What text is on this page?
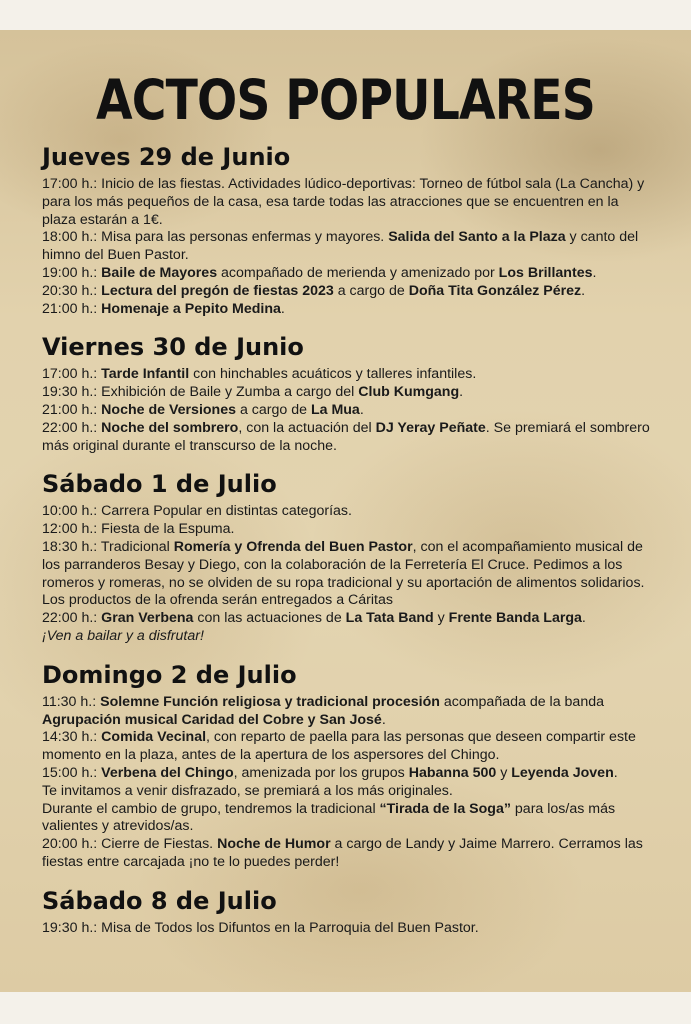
ACTOS POPULARES
Jueves 29 de Junio

17:00 h.: Inicio de las fiestas. Actividades lúdico-deportivas: Torneo de fútbol sala (La Cancha) y para los más pequeños de la casa, esa tarde todas las atracciones que se encuentren en la plaza estarán a 1€.

18:00 h.: Misa para las personas enfermas y mayores. Salida del Santo a la Plaza y canto del himno del Buen Pastor.

19:00 h.: Baile de Mayores acompañado de merienda y amenizado por Los Brillantes.

20:30 h.: Lectura del pregón de fiestas 2023 a cargo de Doña Tita González Pérez.

21:00 h.: Homenaje a Pepito Medina.

Viernes 30 de Junio

17:00 h.: Tarde Infantil con hinchables acuáticos y talleres infantiles.

19:30 h.: Exhibición de Baile y Zumba a cargo del Club Kumgang.

21:00 h.: Noche de Versiones a cargo de La Mua.

22:00 h.: Noche del sombrero, con la actuación del DJ Yeray Peñate. Se premiará el sombrero más original durante el transcurso de la noche.

Sábado 1 de Julio

10:00 h.: Carrera Popular en distintas categorías.

12:00 h.: Fiesta de la Espuma.

18:30 h.: Tradicional Romería y Ofrenda del Buen Pastor, con el acompañamiento musical de los parranderos Besay y Diego, con la colaboración de la Ferretería El Cruce. Pedimos a los romeros y romeras, no se olviden de su ropa tradicional y su aportación de alimentos solidarios.

Los productos de la ofrenda serán entregados a Cáritas

22:00 h.: Gran Verbena con las actuaciones de La Tata Band y Frente Banda Larga.

¡Ven a bailar y a disfrutar!

Domingo 2 de Julio

11:30 h.: Solemne Función religiosa y tradicional procesión acompañada de la banda Agrupación musical Caridad del Cobre y San José.

14:30 h.: Comida Vecinal, con reparto de paella para las personas que deseen compartir este momento en la plaza, antes de la apertura de los aspersores del Chingo.

15:00 h.: Verbena del Chingo, amenizada por los grupos Habanna 500 y Leyenda Joven.

Te invitamos a venir disfrazado, se premiará a los más originales.

Durante el cambio de grupo, tendremos la tradicional “Tirada de la Soga” para los/as más valientes y atrevidos/as.

20:00 h.: Cierre de Fiestas. Noche de Humor a cargo de Landy y Jaime Marrero. Cerramos las fiestas entre carcajada ¡no te lo puedes perder!

Sábado 8 de Julio

19:30 h.: Misa de Todos los Difuntos en la Parroquia del Buen Pastor.
